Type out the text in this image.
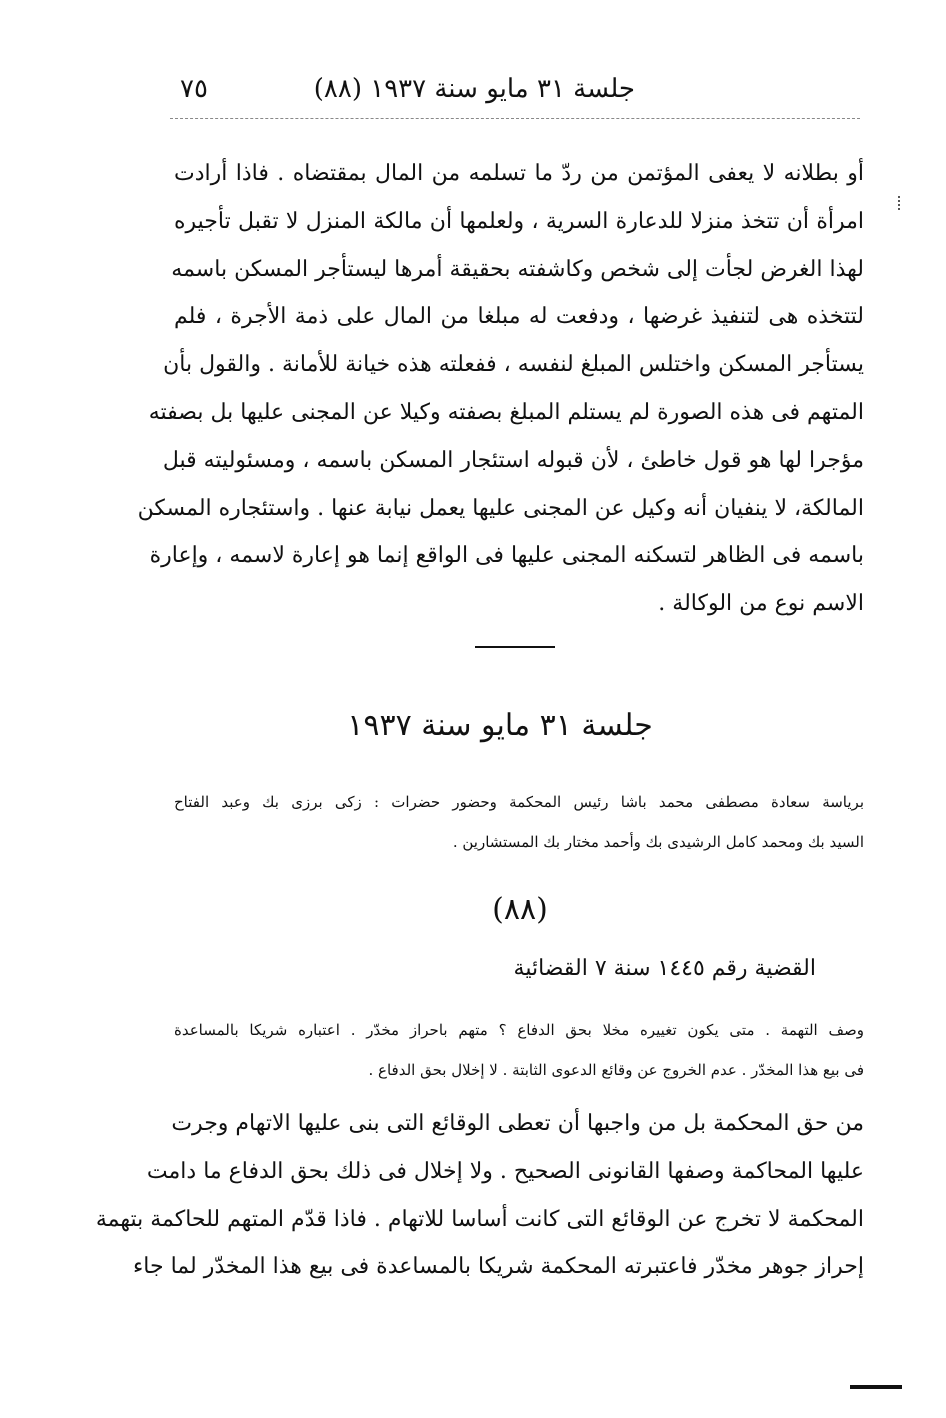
جلسة ٣١ مايو سنة ١٩٣٧ (٨٨)
٧٥
أو بطلانه لا يعفى المؤتمن من ردّ ما تسلمه من المال بمقتضاه . فاذا أرادت
امرأة أن تتخذ منزلا للدعارة السرية ، ولعلمها أن مالكة المنزل لا تقبل تأجيره
لهذا الغرض لجأت إلى شخص وكاشفته بحقيقة أمرها ليستأجر المسكن باسمه
لتتخذه هى لتنفيذ غرضها ، ودفعت له مبلغا من المال على ذمة الأجرة ، فلم
يستأجر المسكن واختلس المبلغ لنفسه ، ففعلته هذه خيانة للأمانة . والقول بأن
المتهم فى هذه الصورة لم يستلم المبلغ بصفته وكيلا عن المجنى عليها بل بصفته
مؤجرا لها هو قول خاطئ ، لأن قبوله استئجار المسكن باسمه ، ومسئوليته قبل
المالكة، لا ينفيان أنه وكيل عن المجنى عليها يعمل نيابة عنها . واستئجاره المسكن
باسمه فى الظاهر لتسكنه المجنى عليها فى الواقع إنما هو إعارة لاسمه ، وإعارة
الاسم نوع من الوكالة .
جلسة ٣١ مايو سنة ١٩٣٧
برياسة سعادة مصطفى محمد باشا رئيس المحكمة وحضور حضرات : زكى برزى بك وعبد الفتاح
السيد بك ومحمد كامل الرشيدى بك وأحمد مختار بك المستشارين .
(٨٨)
القضية رقم ١٤٤٥ سنة ٧ القضائية
وصف التهمة . متى يكون تغييره مخلا بحق الدفاع ؟ متهم باحراز مخدّر . اعتباره شريكا بالمساعدة
فى بيع هذا المخدّر . عدم الخروج عن وقائع الدعوى الثابتة . لا إخلال بحق الدفاع .
من حق المحكمة بل من واجبها أن تعطى الوقائع التى بنى عليها الاتهام وجرت
عليها المحاكمة وصفها القانونى الصحيح . ولا إخلال فى ذلك بحق الدفاع ما دامت
المحكمة لا تخرج عن الوقائع التى كانت أساسا للاتهام . فاذا قدّم المتهم للحاكمة بتهمة
إحراز جوهر مخدّر فاعتبرته المحكمة شريكا بالمساعدة فى بيع هذا المخدّر لما جاء
